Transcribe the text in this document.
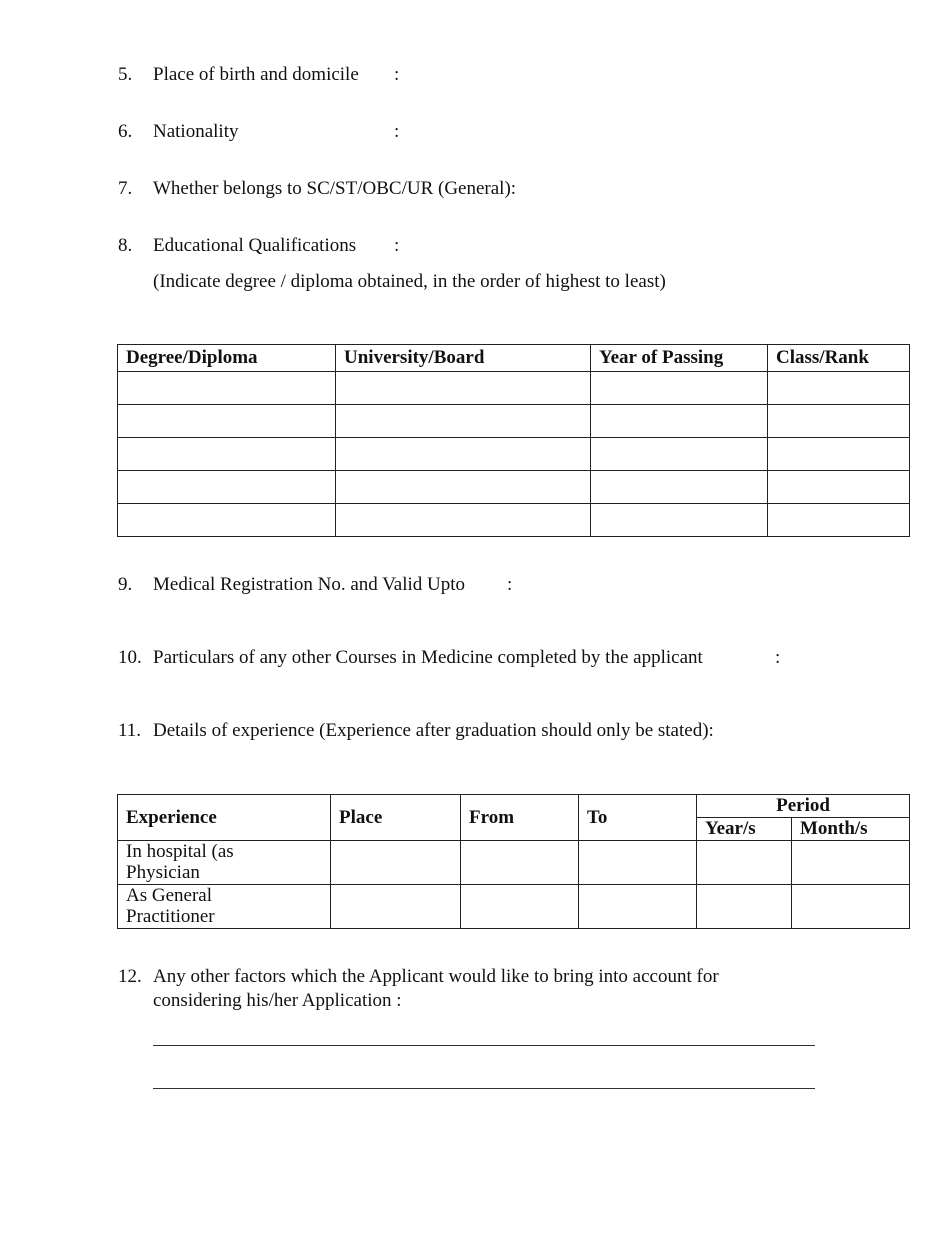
5. Place of birth and domicile :
6. Nationality	:
7. Whether belongs to SC/ST/OBC/UR (General):
8. Educational Qualifications :
(Indicate degree / diploma obtained, in the order of highest to least)
Degree/Diploma	University/Board	Year of Passing	Class/Rank

9. Medical Registration No. and Valid Upto :
10. Particulars of any other Courses in Medicine completed by the applicant	:
11. Details of experience (Experience after graduation should only be stated):
Experience	Place	From	To	Period	
				Year/s	Month/s
In hospital (as
Physician					
As General
Practitioner					
12. Any other factors which the Applicant would like to bring into account for
considering his/her Application :
